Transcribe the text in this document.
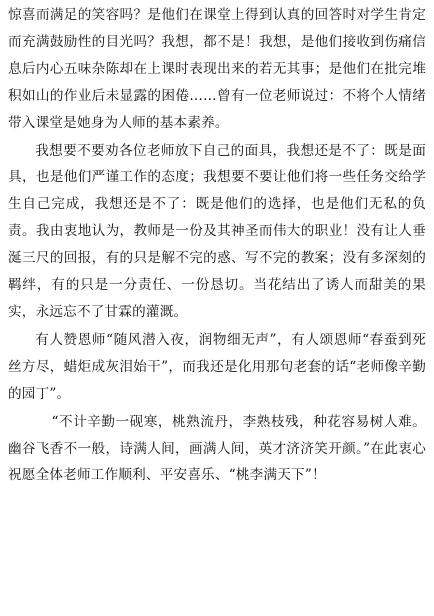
惊喜而满足的笑容吗？是他们在课堂上得到认真的回答时对学生肯定而充满鼓励性的目光吗？我想，都不是！我想，是他们接收到伤痛信息后内心五味杂陈却在上课时表现出来的若无其事；是他们在批完堆积如山的作业后未显露的困倦……曾有一位老师说过：不将个人情绪带入课堂是她身为人师的基本素养。

我想要不要劝各位老师放下自己的面具，我想还是不了：既是面具，也是他们严谨工作的态度；我想要不要让他们将一些任务交给学生自己完成，我想还是不了：既是他们的选择，也是他们无私的负责。我由衷地认为，教师是一份及其神圣而伟大的职业！没有让人垂涎三尺的回报，有的只是解不完的惑、写不完的教案；没有多深刻的羁绊，有的只是一分责任、一份恳切。当花结出了诱人而甜美的果实，永远忘不了甘霖的灌溉。

有人赞恩师“随风潜入夜，润物细无声”，有人颂恩师“春蚕到死丝方尽，蜡炬成灰泪始干”，而我还是化用那句老套的话“老师像辛勤的园丁”。

“不计辛勤一砚寒，桃熟流丹，李熟枝残，种花容易树人难。幽谷飞香不一般，诗满人间，画满人间，英才济济笑开颜。”在此衷心祝愿全体老师工作顺利、平安喜乐、“桃李满天下”！
